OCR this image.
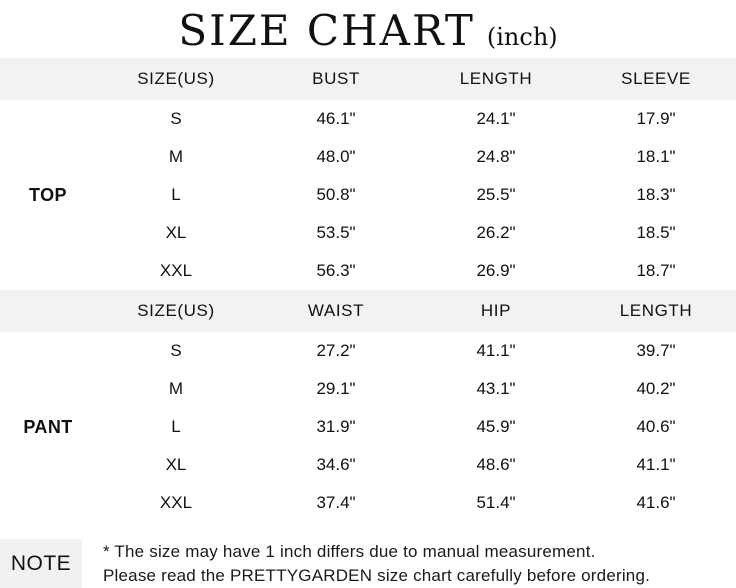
SIZE CHART (inch)
	SIZE(US)	BUST	LENGTH	SLEEVE
TOP	S	46.1"	24.1"	17.9"
	M	48.0"	24.8"	18.1"
	L	50.8"	25.5"	18.3"
	XL	53.5"	26.2"	18.5"
	XXL	56.3"	26.9"	18.7"
	SIZE(US)	WAIST	HIP	LENGTH
PANT	S	27.2"	41.1"	39.7"
	M	29.1"	43.1"	40.2"
	L	31.9"	45.9"	40.6"
	XL	34.6"	48.6"	41.1"
	XXL	37.4"	51.4"	41.6"
NOTE
* The size may have 1 inch differs due to manual measurement.
Please read the PRETTYGARDEN size chart carefully before ordering.
